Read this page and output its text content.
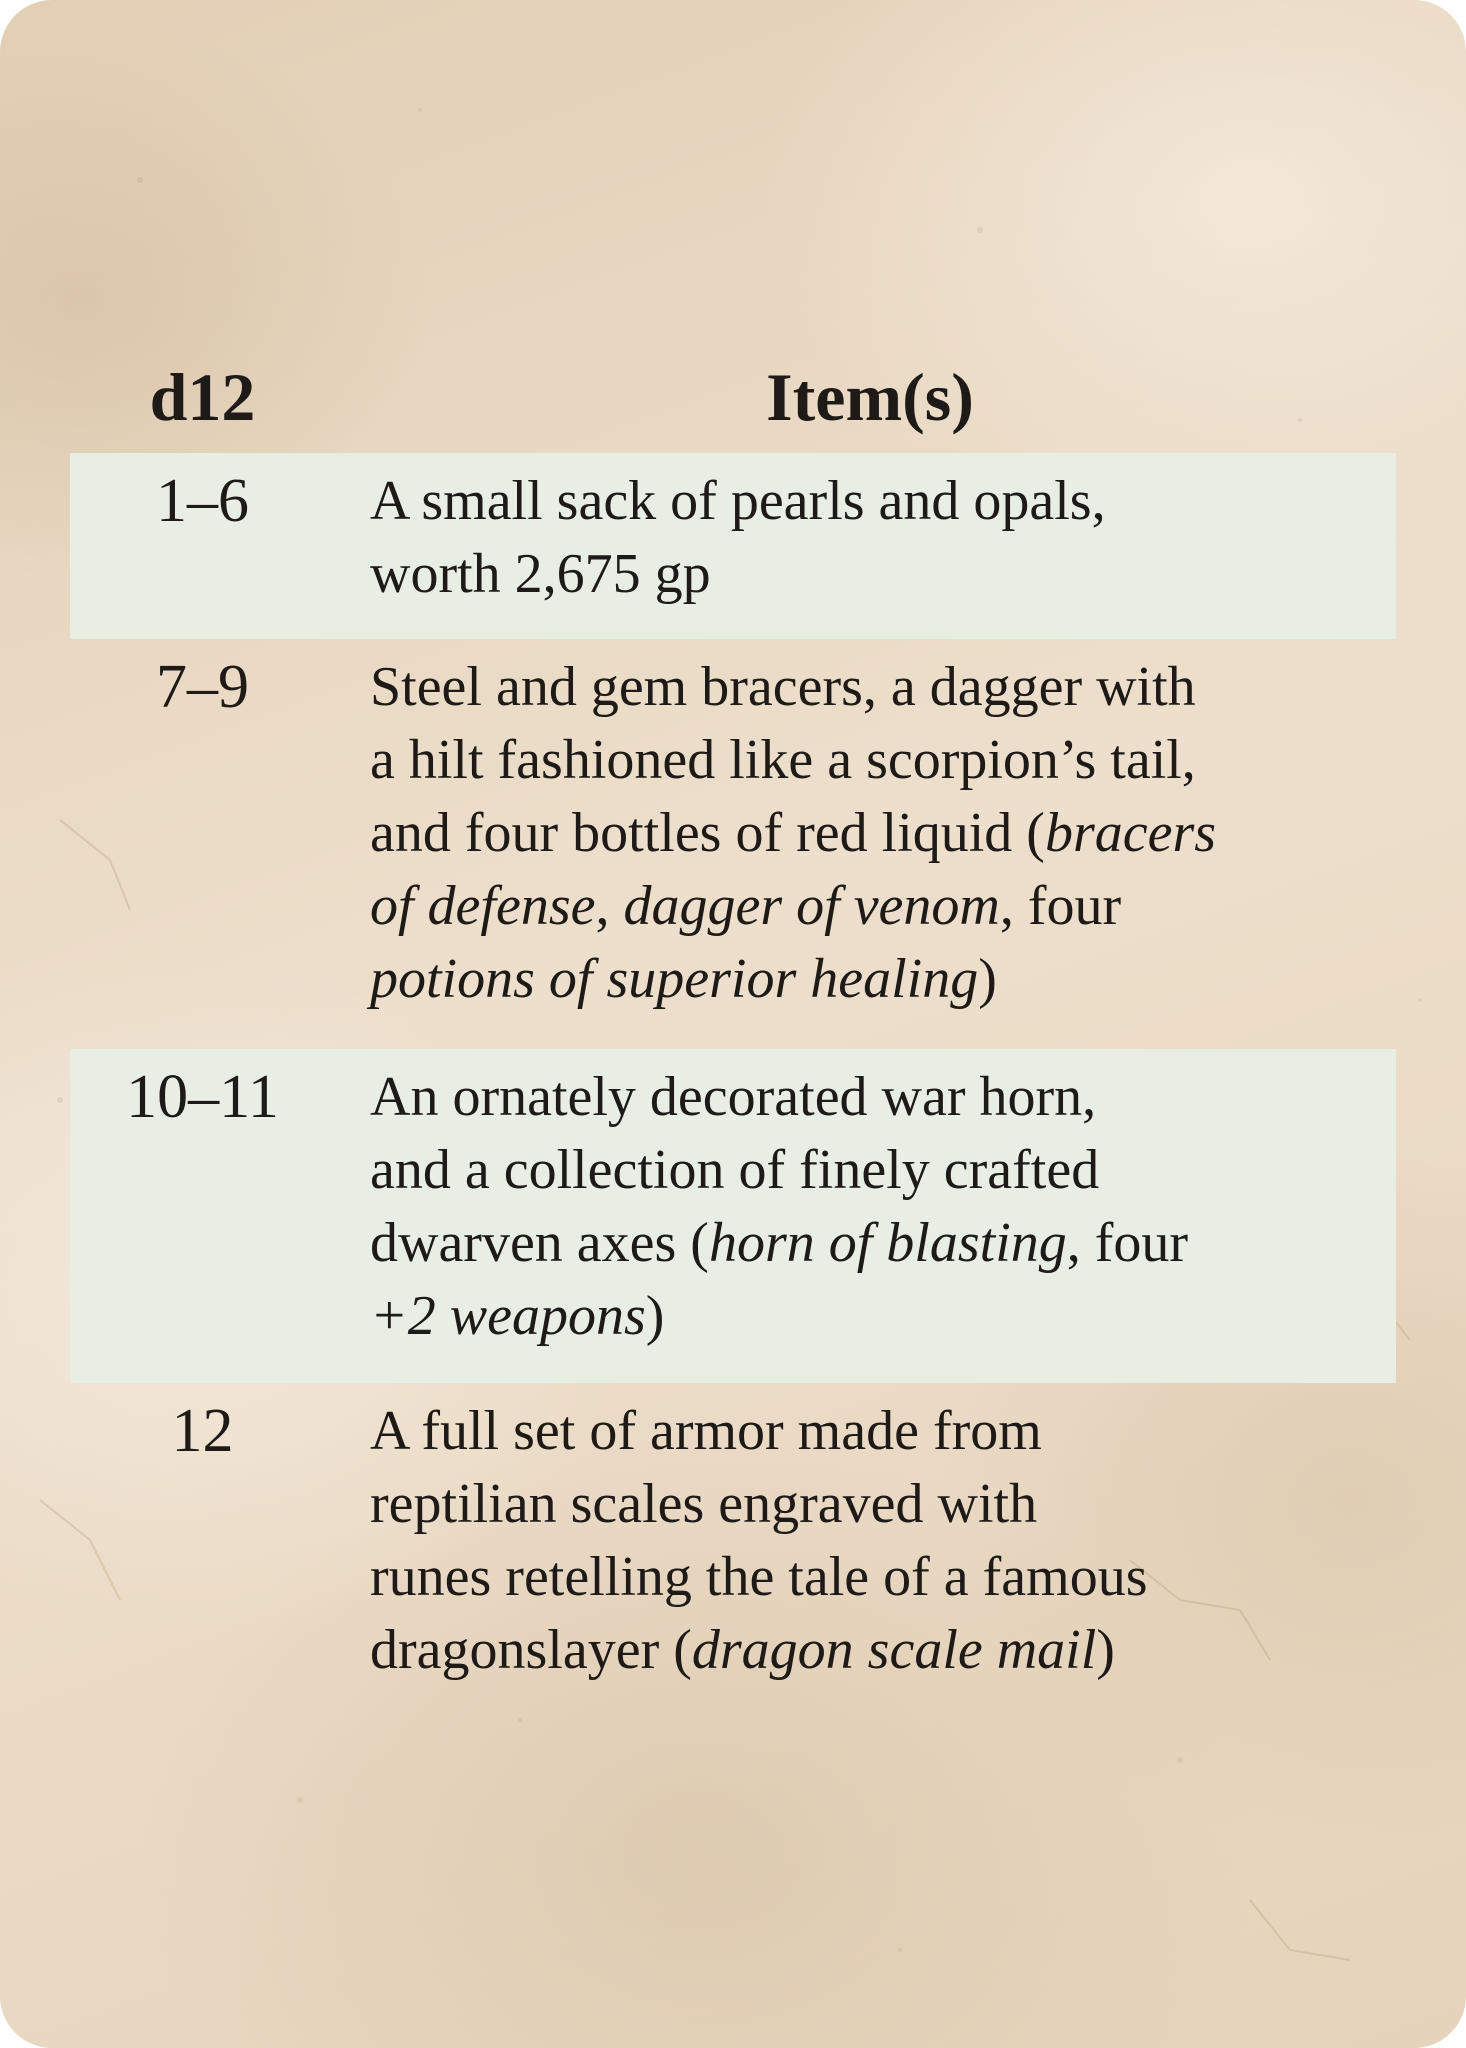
d12	Item(s)
1–6	A small sack of pearls and opals,
worth 2,675 gp
7–9	Steel and gem bracers, a dagger with
a hilt fashioned like a scorpion’s tail,
and four bottles of red liquid (bracers
of defense, dagger of venom, four
potions of superior healing)
10–11	An ornately decorated war horn,
and a collection of finely crafted
dwarven axes (horn of blasting, four
+2 weapons)
12	A full set of armor made from
reptilian scales engraved with
runes retelling the tale of a famous
dragonslayer (dragon scale mail)
